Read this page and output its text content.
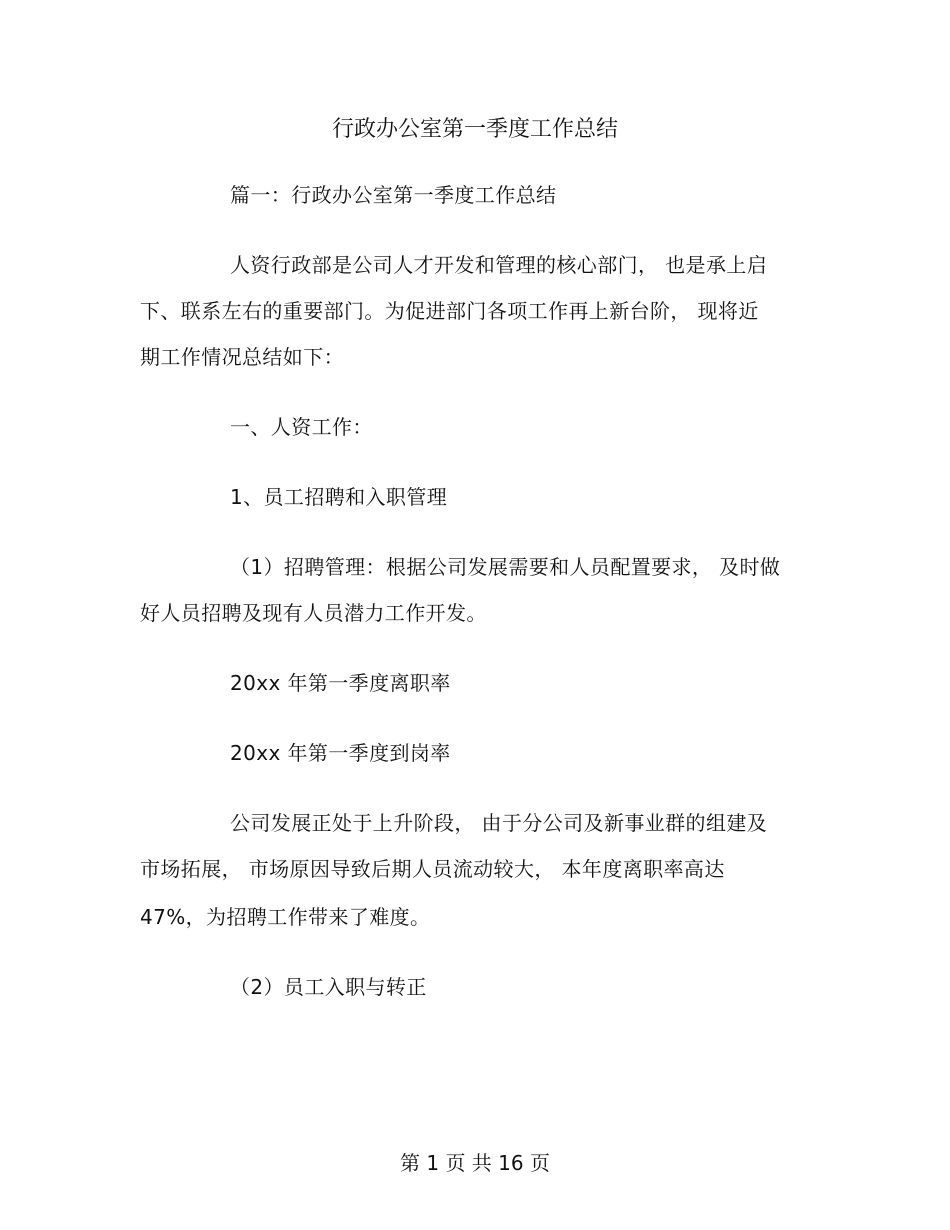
行政办公室第一季度工作总结
篇一：行政办公室第一季度工作总结
人资行政部是公司人才开发和管理的核心部门， 也是承上启
下、联系左右的重要部门。为促进部门各项工作再上新台阶， 现将近
期工作情况总结如下：
一、人资工作：
1、员工招聘和入职管理
（1）招聘管理：根据公司发展需要和人员配置要求， 及时做
好人员招聘及现有人员潜力工作开发。
20xx 年第一季度离职率
20xx 年第一季度到岗率
公司发展正处于上升阶段， 由于分公司及新事业群的组建及
市场拓展， 市场原因导致后期人员流动较大， 本年度离职率高达
47%，为招聘工作带来了难度。
（2）员工入职与转正
第 1 页 共 16 页
